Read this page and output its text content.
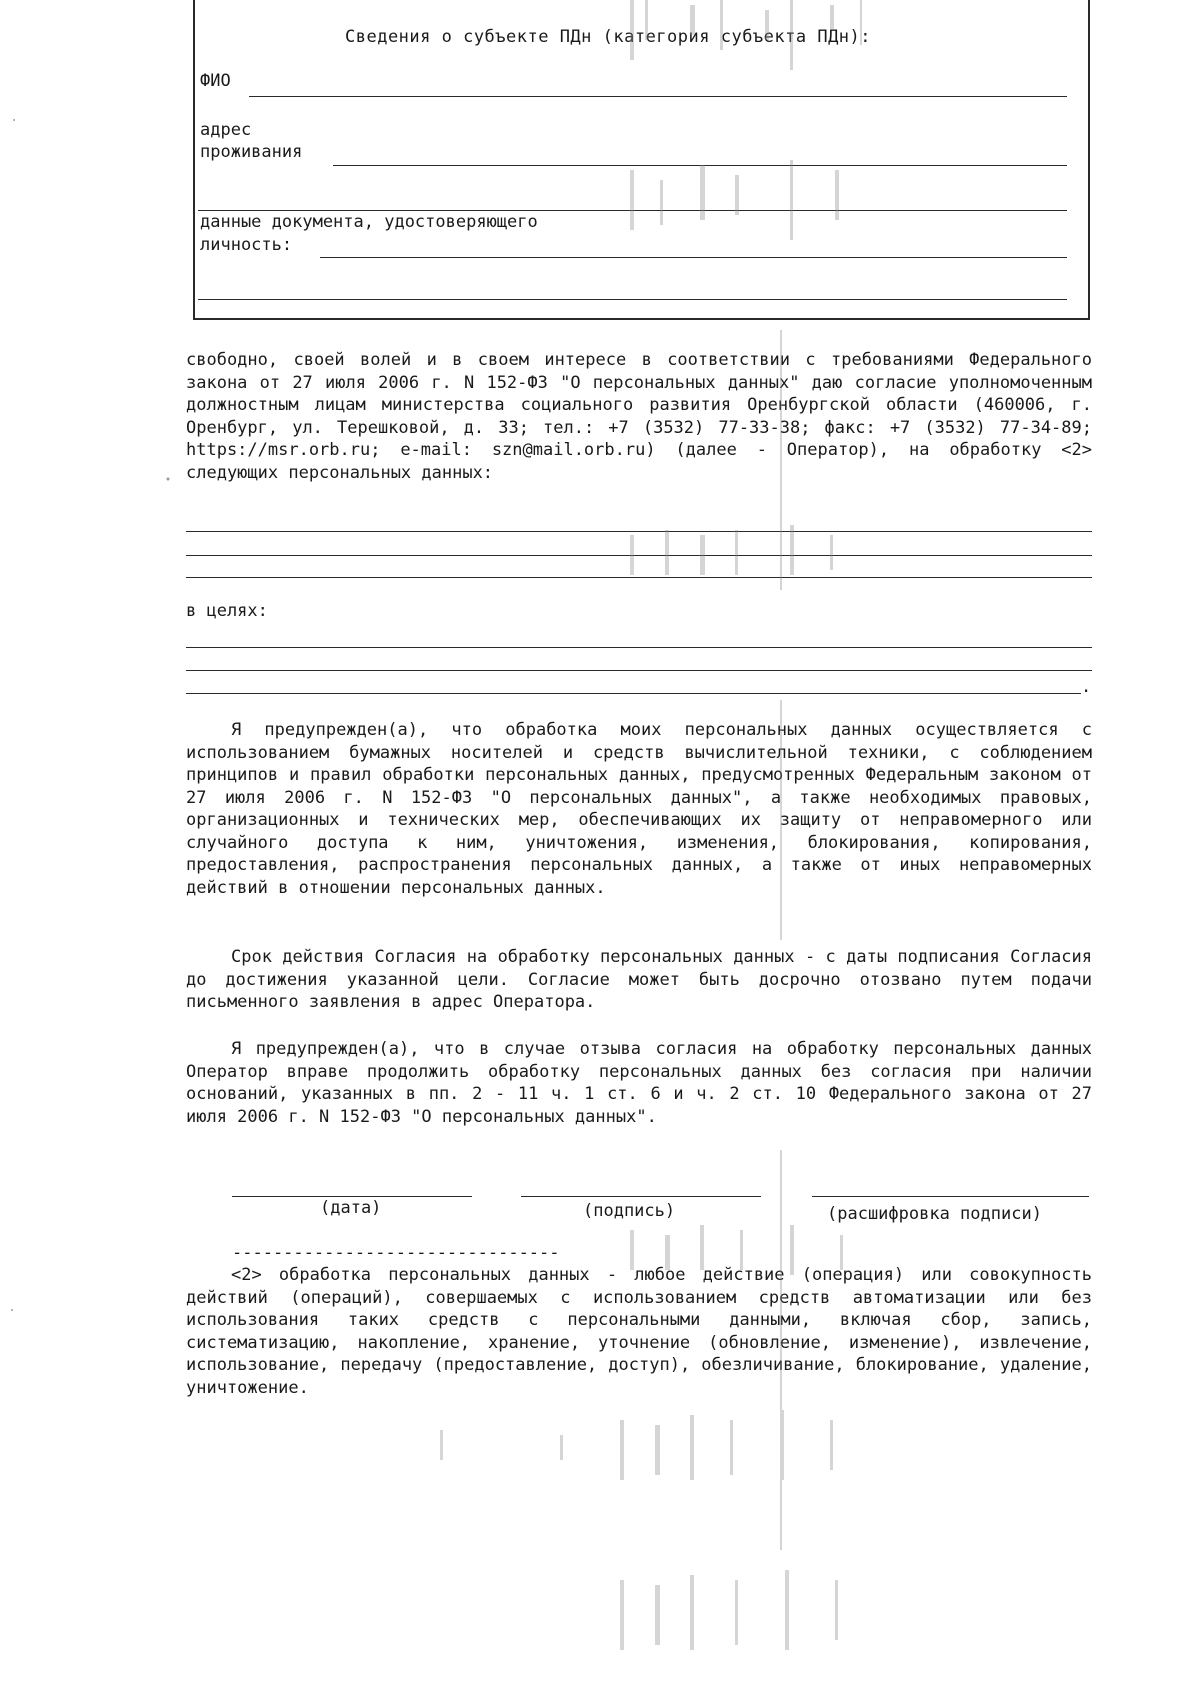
Сведения о субъекте ПДн (категория субъекта ПДн):
ФИО
адрес
проживания
данные документа, удостоверяющего
личность:

свободно, своей волей и в своем интересе в соответствии с требованиями Федерального закона от 27 июля 2006 г. N 152-ФЗ "О персональных данных" даю согласие уполномоченным должностным лицам министерства социального развития Оренбургской области (460006, г. Оренбург, ул. Терешковой, д. 33; тел.: +7 (3532) 77-33-38; факс: +7 (3532) 77-34-89; https://msr.orb.ru; e-mail: szn@mail.orb.ru) (далее - Оператор), на обработку <2> следующих персональных данных:

в целях:
.

Я предупрежден(а), что обработка моих персональных данных осуществляется с использованием бумажных носителей и средств вычислительной техники, с соблюдением принципов и правил обработки персональных данных, предусмотренных Федеральным законом от 27 июля 2006 г. N 152-ФЗ "О персональных данных", а также необходимых правовых, организационных и технических мер, обеспечивающих их защиту от неправомерного или случайного доступа к ним, уничтожения, изменения, блокирования, копирования, предоставления, распространения персональных данных, а также от иных неправомерных действий в отношении персональных данных.

Срок действия Согласия на обработку персональных данных - с даты подписания Согласия до достижения указанной цели. Согласие может быть досрочно отозвано путем подачи письменного заявления в адрес Оператора.

Я предупрежден(а), что в случае отзыва согласия на обработку персональных данных Оператор вправе продолжить обработку персональных данных без согласия при наличии оснований, указанных в пп. 2 - 11 ч. 1 ст. 6 и ч. 2 ст. 10 Федерального закона от 27 июля 2006 г. N 152-ФЗ "О персональных данных".

(дата)	(подпись)	(расшифровка подписи)
--------------------------------

<2> обработка персональных данных - любое действие (операция) или совокупность действий (операций), совершаемых с использованием средств автоматизации или без использования таких средств с персональными данными, включая сбор, запись, систематизацию, накопление, хранение, уточнение (обновление, изменение), извлечение, использование, передачу (предоставление, доступ), обезличивание, блокирование, удаление, уничтожение.
